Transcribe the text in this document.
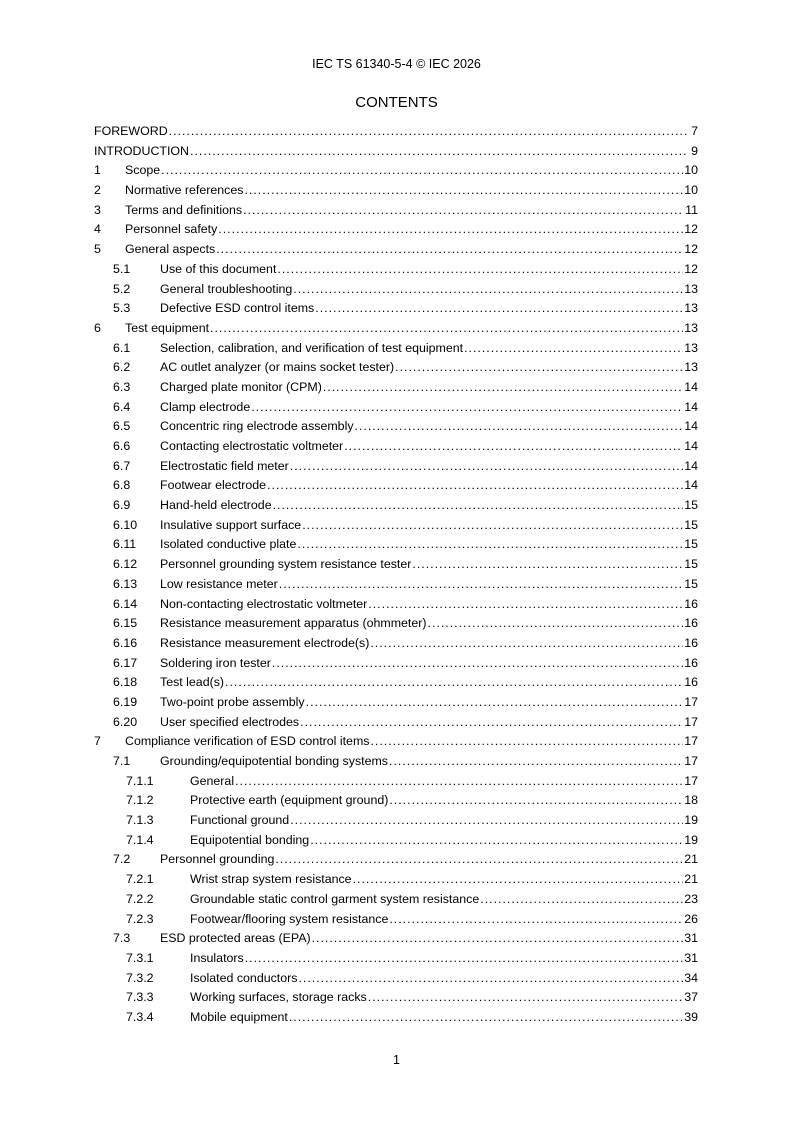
IEC TS 61340-5-4 © IEC 2026
CONTENTS
FOREWORD .....	7
INTRODUCTION .....	9
1	Scope .....	10
2	Normative references .....	10
3	Terms and definitions .....	11
4	Personnel safety .....	12
5	General aspects .....	12
5.1	Use of this document .....	12
5.2	General troubleshooting .....	13
5.3	Defective ESD control items .....	13
6	Test equipment .....	13
6.1	Selection, calibration, and verification of test equipment .....	13
6.2	AC outlet analyzer (or mains socket tester) .....	13
6.3	Charged plate monitor (CPM) .....	14
6.4	Clamp electrode .....	14
6.5	Concentric ring electrode assembly .....	14
6.6	Contacting electrostatic voltmeter .....	14
6.7	Electrostatic field meter .....	14
6.8	Footwear electrode .....	14
6.9	Hand-held electrode .....	15
6.10	Insulative support surface .....	15
6.11	Isolated conductive plate .....	15
6.12	Personnel grounding system resistance tester .....	15
6.13	Low resistance meter .....	15
6.14	Non-contacting electrostatic voltmeter .....	16
6.15	Resistance measurement apparatus (ohmmeter) .....	16
6.16	Resistance measurement electrode(s) .....	16
6.17	Soldering iron tester .....	16
6.18	Test lead(s) .....	16
6.19	Two-point probe assembly .....	17
6.20	User specified electrodes .....	17
7	Compliance verification of ESD control items .....	17
7.1	Grounding/equipotential bonding systems .....	17
7.1.1	General .....	17
7.1.2	Protective earth (equipment ground) .....	18
7.1.3	Functional ground .....	19
7.1.4	Equipotential bonding .....	19
7.2	Personnel grounding .....	21
7.2.1	Wrist strap system resistance .....	21
7.2.2	Groundable static control garment system resistance .....	23
7.2.3	Footwear/flooring system resistance .....	26
7.3	ESD protected areas (EPA) .....	31
7.3.1	Insulators .....	31
7.3.2	Isolated conductors .....	34
7.3.3	Working surfaces, storage racks .....	37
7.3.4	Mobile equipment .....	39
1
